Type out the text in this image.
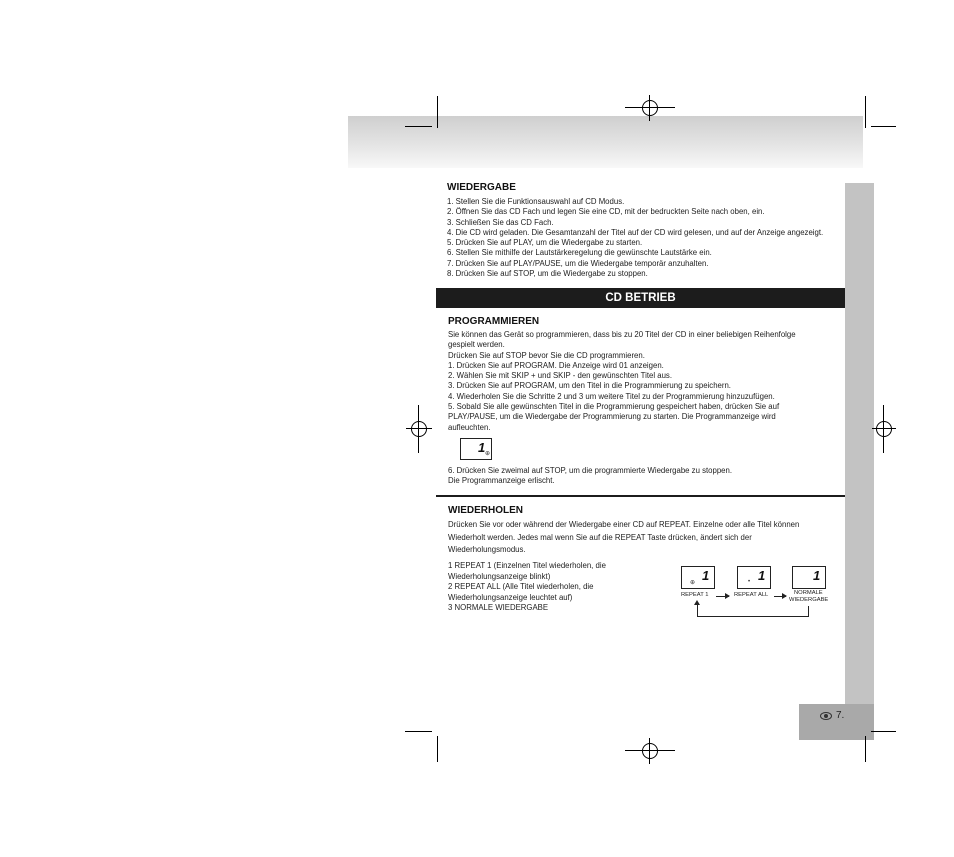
7.
WIEDERGABE
1. Stellen Sie die Funktionsauswahl auf CD Modus.
2. Öffnen Sie das CD Fach und legen Sie eine CD, mit der bedruckten Seite nach oben, ein.
3. Schließen Sie das CD Fach.
4. Die CD wird geladen. Die Gesamtanzahl der Titel auf der CD wird gelesen, und auf der Anzeige angezeigt.
5. Drücken Sie auf PLAY, um die Wiedergabe zu starten.
6. Stellen Sie mithilfe der Lautstärkeregelung die gewünschte Lautstärke ein.
7. Drücken Sie auf PLAY/PAUSE, um die Wiedergabe temporär anzuhalten.
8. Drücken Sie auf STOP, um die Wiedergabe zu stoppen.
CD BETRIEB
PROGRAMMIEREN
Sie können das Gerät so programmieren, dass bis zu 20 Titel der CD in einer beliebigen Reihenfolge
gespielt werden.
Drücken Sie auf STOP bevor Sie die CD programmieren.
1. Drücken Sie auf PROGRAM. Die Anzeige wird 01 anzeigen.
2. Wählen Sie mit SKIP + und SKIP - den gewünschten Titel aus.
3. Drücken Sie auf PROGRAM, um den Titel in die Programmierung zu speichern.
4. Wiederholen Sie die Schritte 2 und 3 um weitere Titel zu der Programmierung hinzuzufügen.
5. Sobald Sie alle gewünschten Titel in die Programmierung gespeichert haben, drücken Sie auf
PLAY/PAUSE, um die Wiedergabe der Programmierung zu starten. Die Programmanzeige wird
aufleuchten.
1 ⊕
6. Drücken Sie zweimal auf STOP, um die programmierte Wiedergabe zu stoppen.
Die Programmanzeige erlischt.
WIEDERHOLEN
Drücken Sie vor oder während der Wiedergabe einer CD auf REPEAT. Einzelne oder alle Titel können
Wiederholt werden. Jedes mal wenn Sie auf die REPEAT Taste drücken, ändert sich der
Wiederholungsmodus.
1 REPEAT 1 (Einzelnen Titel wiederholen, die
Wiederholungsanzeige blinkt)
2 REPEAT ALL (Alle Titel wiederholen, die
Wiederholungsanzeige leuchtet auf)
3 NORMALE WIEDERGABE
⊕ 1	• 1	1
REPEAT 1	REPEAT ALL	NORMALE
WIEDERGABE
